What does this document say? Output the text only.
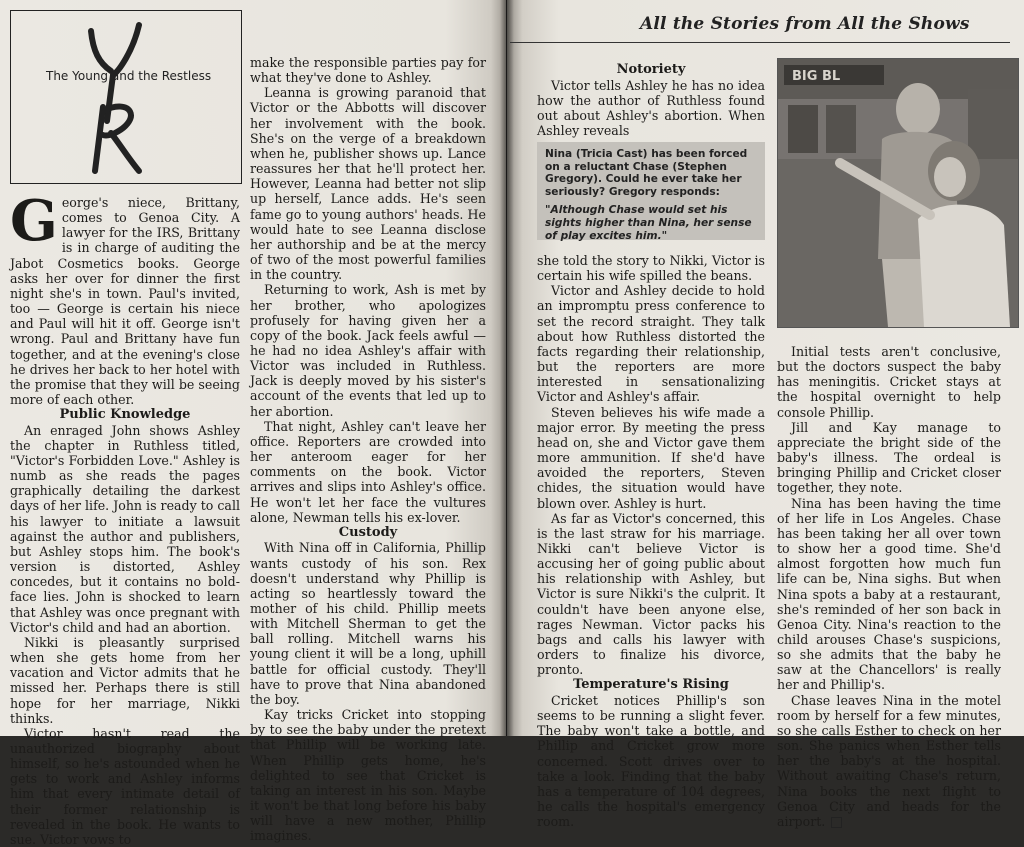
The Young and the Restless

George's niece, Brittany, comes to Genoa City. A lawyer for the IRS, Brittany is in charge of auditing the Jabot Cosmetics books. George asks her over for dinner the first night she's in town. Paul's invited, too — George is certain his niece and Paul will hit it off. George isn't wrong. Paul and Brittany have fun together, and at the evening's close he drives her back to her hotel with the promise that they will be seeing more of each other.

Public Knowledge

An enraged John shows Ashley the chapter in Ruthless titled, "Victor's Forbidden Love." Ashley is numb as she reads the pages graphically detailing the darkest days of her life. John is ready to call his lawyer to initiate a lawsuit against the author and publishers, but Ashley stops him. The book's version is distorted, Ashley concedes, but it contains no bold-face lies. John is shocked to learn that Ashley was once pregnant with Victor's child and had an abortion.

Nikki is pleasantly surprised when she gets home from her vacation and Victor admits that he missed her. Perhaps there is still hope for her marriage, Nikki thinks.

Victor hasn't read the unauthorized biography about himself, so he's astounded when he gets to work and Ashley informs him that every intimate detail of their former relationship is revealed in the book. He wants to sue. Victor vows to

make the responsible parties pay for what they've done to Ashley.

Leanna is growing paranoid that Victor or the Abbotts will discover her involvement with the book. She's on the verge of a breakdown when he, publisher shows up. Lance reassures her that he'll protect her. However, Leanna had better not slip up herself, Lance adds. He's seen fame go to young authors' heads. He would hate to see Leanna disclose her authorship and be at the mercy of two of the most powerful families in the country.

Returning to work, Ash is met by her brother, who apologizes profusely for having given her a copy of the book. Jack feels awful — he had no idea Ashley's affair with Victor was included in Ruthless. Jack is deeply moved by his sister's account of the events that led up to her abortion.

That night, Ashley can't leave her office. Reporters are crowded into her anteroom eager for her comments on the book. Victor arrives and slips into Ashley's office. He won't let her face the vultures alone, Newman tells his ex-lover.

Custody

With Nina off in California, Phillip wants custody of his son. Rex doesn't understand why Phillip is acting so heartlessly toward the mother of his child. Phillip meets with Mitchell Sherman to get the ball rolling. Mitchell warns his young client it will be a long, uphill battle for official custody. They'll have to prove that Nina abandoned the boy.

Kay tricks Cricket into stopping by to see the baby under the pretext that Phillip will be working late. When Phillip gets home, he's delighted to see that Cricket is taking an interest in his son. Maybe it won't be that long before his baby will have a new mother, Phillip imagines.

All the Stories from All the Shows
Notoriety

Victor tells Ashley he has no idea how the author of Ruthless found out about Ashley's abortion. When Ashley reveals

Nina (Tricia Cast) has been forced on a reluctant Chase (Stephen Gregory). Could he ever take her seriously? Gregory responds:
"Although Chase would set his sights higher than Nina, her sense of play excites him."

she told the story to Nikki, Victor is certain his wife spilled the beans.

Victor and Ashley decide to hold an impromptu press conference to set the record straight. They talk about how Ruthless distorted the facts regarding their relationship, but the reporters are more interested in sensationalizing Victor and Ashley's affair.

Steven believes his wife made a major error. By meeting the press head on, she and Victor gave them more ammunition. If she'd have avoided the reporters, Steven chides, the situation would have blown over. Ashley is hurt.

As far as Victor's concerned, this is the last straw for his marriage. Nikki can't believe Victor is accusing her of going public about his relationship with Ashley, but Victor is sure Nikki's the culprit. It couldn't have been anyone else, rages Newman. Victor packs his bags and calls his lawyer with orders to finalize his divorce, pronto.

Temperature's Rising

Cricket notices Phillip's son seems to be running a slight fever. The baby won't take a bottle, and Phillip and Cricket grow more concerned. Scott drives over to take a look. Finding that the baby has a temperature of 104 degrees, he calls the hospital's emergency room.

BIG BL

Initial tests aren't conclusive, but the doctors suspect the baby has meningitis. Cricket stays at the hospital overnight to help console Phillip.

Jill and Kay manage to appreciate the bright side of the baby's illness. The ordeal is bringing Phillip and Cricket closer together, they note.

Nina has been having the time of her life in Los Angeles. Chase has been taking her all over town to show her a good time. She'd almost forgotten how much fun life can be, Nina sighs. But when Nina spots a baby at a restaurant, she's reminded of her son back in Genoa City. Nina's reaction to the child arouses Chase's suspicions, so she admits that the baby he saw at the Chancellors' is really her and Phillip's.

Chase leaves Nina in the motel room by herself for a few minutes, so she calls Esther to check on her son. She panics when Esther tells her the baby's at the hospital. Without awaiting Chase's return, Nina books the next flight to Genoa City and heads for the airport.
